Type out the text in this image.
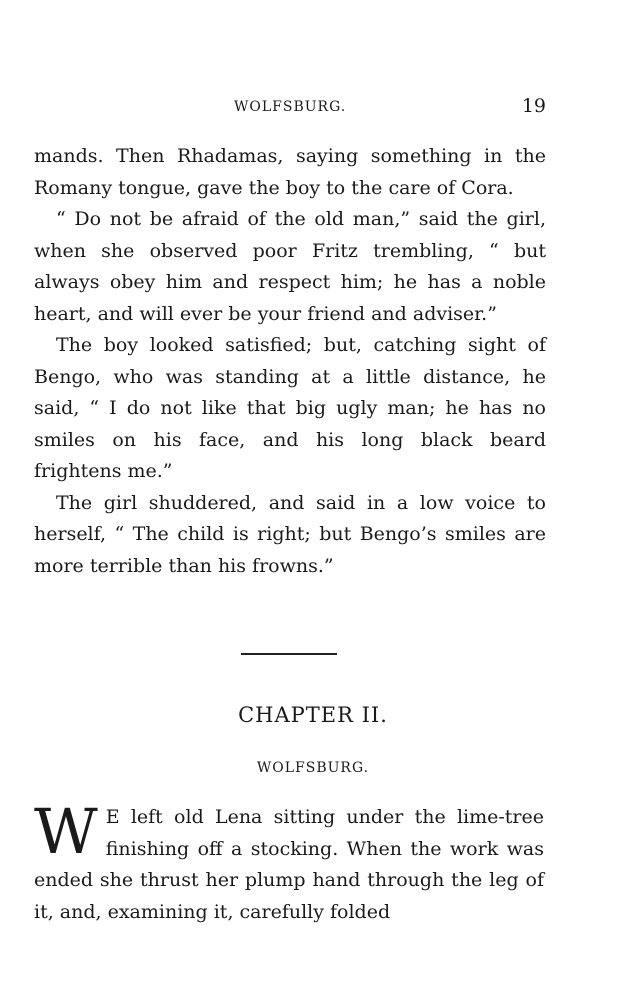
WOLFSBURG.	19

mands. Then Rhadamas, saying something in the Romany tongue, gave the boy to the care of Cora.

“ Do not be afraid of the old man,” said the girl, when she observed poor Fritz trembling, “ but always obey him and respect him; he has a noble heart, and will ever be your friend and adviser.”

The boy looked satisfied; but, catching sight of Bengo, who was standing at a little distance, he said, “ I do not like that big ugly man; he has no smiles on his face, and his long black beard frightens me.”

The girl shuddered, and said in a low voice to herself, “ The child is right; but Bengo’s smiles are more terrible than his frowns.”

CHAPTER II.
WOLFSBURG.

W E left old Lena sitting under the lime-tree finishing off a stocking. When the work was ended she thrust her plump hand through the leg of it, and, examining it, carefully folded
